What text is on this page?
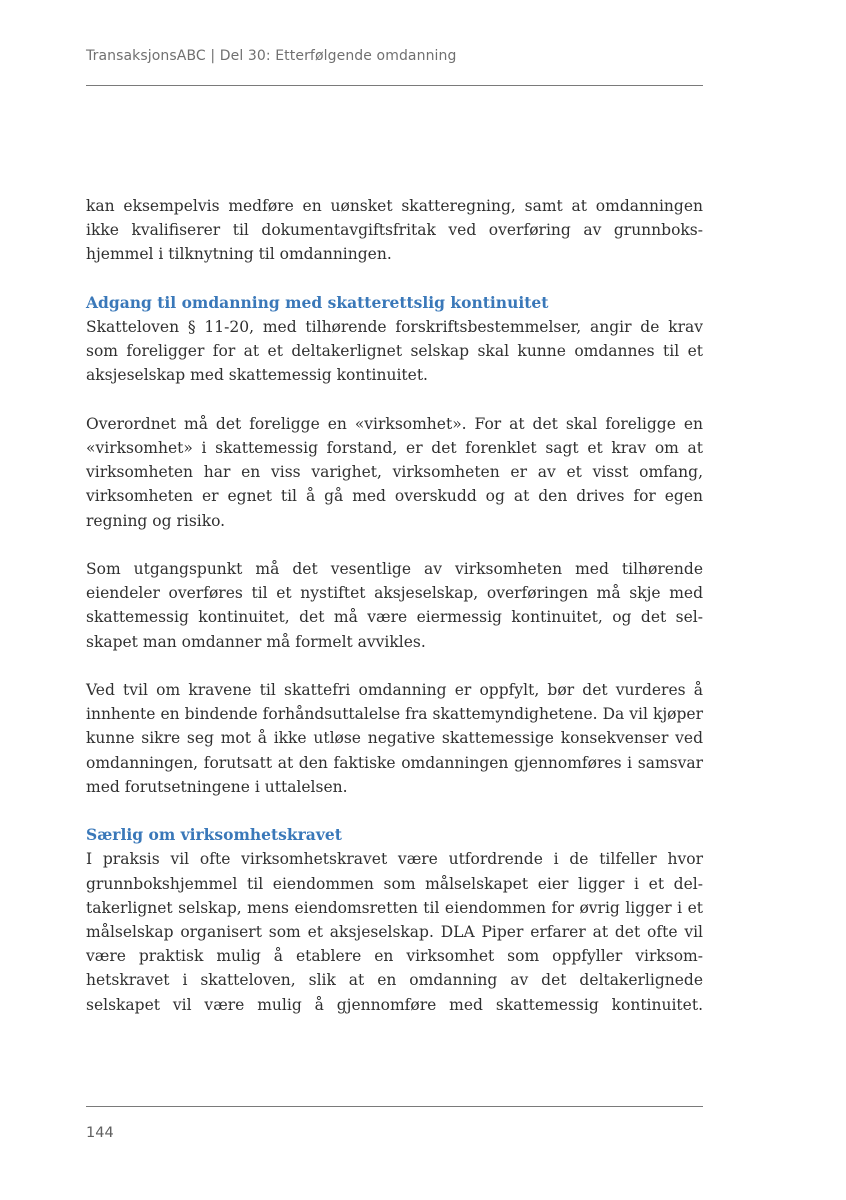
TransaksjonsABC | Del 30: Etterfølgende omdanning

kan eksempelvis medføre en uønsket skatteregning, samt at omdanningen ikke kvalifiserer til dokumentavgiftsfritak ved overføring av grunnbokshjemmel i tilknytning til omdanningen.

Adgang til omdanning med skatterettslig kontinuitet

Skatteloven § 11-20, med tilhørende forskriftsbestemmelser, angir de krav som foreligger for at et deltakerlignet selskap skal kunne omdannes til et aksjeselskap med skattemessig kontinuitet.

Overordnet må det foreligge en «virksomhet». For at det skal foreligge en «virksomhet» i skattemessig forstand, er det forenklet sagt et krav om at virksomheten har en viss varighet, virksomheten er av et visst omfang, virksomheten er egnet til å gå med overskudd og at den drives for egen regning og risiko.

Som utgangspunkt må det vesentlige av virksomheten med tilhørende eiendeler overføres til et nystiftet aksjeselskap, overføringen må skje med skattemessig kontinuitet, det må være eiermessig kontinuitet, og det selskapet man omdanner må formelt avvikles.

Ved tvil om kravene til skattefri omdanning er oppfylt, bør det vurderes å innhente en bindende forhåndsuttalelse fra skattemyndighetene. Da vil kjøper kunne sikre seg mot å ikke utløse negative skattemessige konsekvenser ved omdanningen, forutsatt at den faktiske omdanningen gjennomføres i samsvar med forutsetningene i uttalelsen.

Særlig om virksomhetskravet

I praksis vil ofte virksomhetskravet være utfordrende i de tilfeller hvor grunnbokshjemmel til eiendommen som målselskapet eier ligger i et deltakerlignet selskap, mens eiendomsretten til eiendommen for øvrig ligger i et målselskap organisert som et aksjeselskap. DLA Piper erfarer at det ofte vil være praktisk mulig å etablere en virksomhet som oppfyller virksomhetskravet i skatteloven, slik at en omdanning av det deltakerlignede selskapet vil være mulig å gjennomføre med skattemessig kontinuitet.

144
